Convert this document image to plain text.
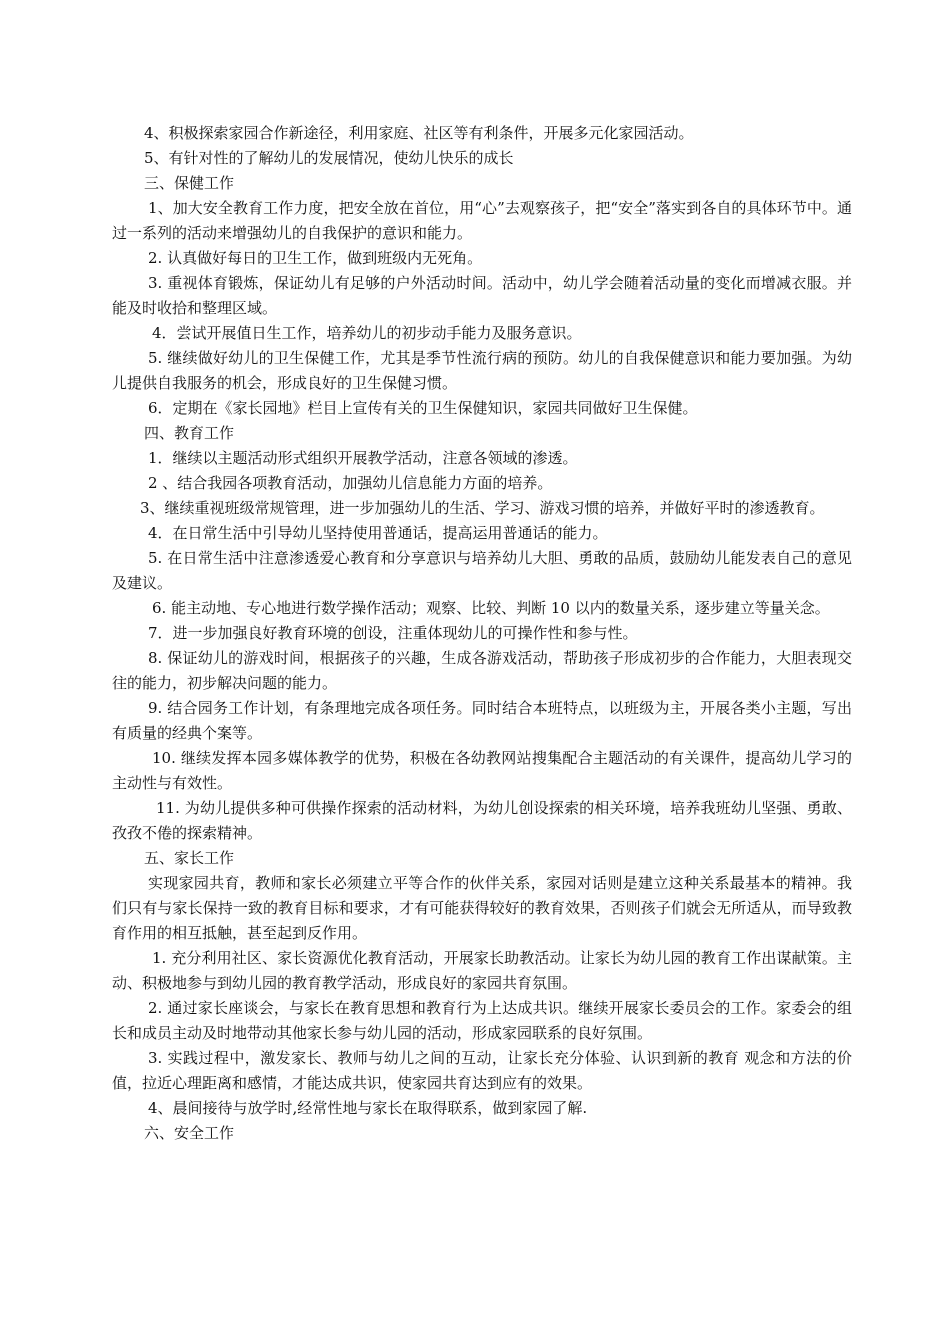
4、积极探索家园合作新途径，利用家庭、社区等有利条件，开展多元化家园活动。

5、有针对性的了解幼儿的发展情况，使幼儿快乐的成长

三、保健工作

1、加大安全教育工作力度，把安全放在首位，用“心”去观察孩子，把“安全”落实到各自的具体环节中。通过一系列的活动来增强幼儿的自我保护的意识和能力。

2. 认真做好每日的卫生工作，做到班级内无死角。

3. 重视体育锻炼，保证幼儿有足够的户外活动时间。活动中，幼儿学会随着活动量的变化而增减衣服。并能及时收拾和整理区域。

4．尝试开展值日生工作，培养幼儿的初步动手能力及服务意识。

5. 继续做好幼儿的卫生保健工作，尤其是季节性流行病的预防。幼儿的自我保健意识和能力要加强。为幼儿提供自我服务的机会，形成良好的卫生保健习惯。

6．定期在《家长园地》栏目上宣传有关的卫生保健知识，家园共同做好卫生保健。

四、教育工作

1．继续以主题活动形式组织开展教学活动，注意各领域的渗透。

2 、结合我园各项教育活动，加强幼儿信息能力方面的培养。

3、继续重视班级常规管理，进一步加强幼儿的生活、学习、游戏习惯的培养，并做好平时的渗透教育。

4．在日常生活中引导幼儿坚持使用普通话，提高运用普通话的能力。

5. 在日常生活中注意渗透爱心教育和分享意识与培养幼儿大胆、勇敢的品质，鼓励幼儿能发表自己的意见及建议。

6. 能主动地、专心地进行数学操作活动；观察、比较、判断 10 以内的数量关系，逐步建立等量关念。

7．进一步加强良好教育环境的创设，注重体现幼儿的可操作性和参与性。

8. 保证幼儿的游戏时间，根据孩子的兴趣，生成各游戏活动，帮助孩子形成初步的合作能力，大胆表现交往的能力，初步解决问题的能力。

9. 结合园务工作计划，有条理地完成各项任务。同时结合本班特点，以班级为主，开展各类小主题，写出有质量的经典个案等。

10. 继续发挥本园多媒体教学的优势，积极在各幼教网站搜集配合主题活动的有关课件，提高幼儿学习的主动性与有效性。

11. 为幼儿提供多种可供操作探索的活动材料，为幼儿创设探索的相关环境，培养我班幼儿坚强、勇敢、孜孜不倦的探索精神。

五、家长工作

实现家园共育，教师和家长必须建立平等合作的伙伴关系，家园对话则是建立这种关系最基本的精神。我们只有与家长保持一致的教育目标和要求，才有可能获得较好的教育效果，否则孩子们就会无所适从，而导致教育作用的相互抵触，甚至起到反作用。

1. 充分利用社区、家长资源优化教育活动，开展家长助教活动。让家长为幼儿园的教育工作出谋献策。主动、积极地参与到幼儿园的教育教学活动，形成良好的家园共育氛围。

2. 通过家长座谈会，与家长在教育思想和教育行为上达成共识。继续开展家长委员会的工作。家委会的组长和成员主动及时地带动其他家长参与幼儿园的活动，形成家园联系的良好氛围。

3. 实践过程中，激发家长、教师与幼儿之间的互动，让家长充分体验、认识到新的教育 观念和方法的价值，拉近心理距离和感情，才能达成共识，使家园共育达到应有的效果。

4、晨间接待与放学时,经常性地与家长在取得联系，做到家园了解.

六、安全工作
